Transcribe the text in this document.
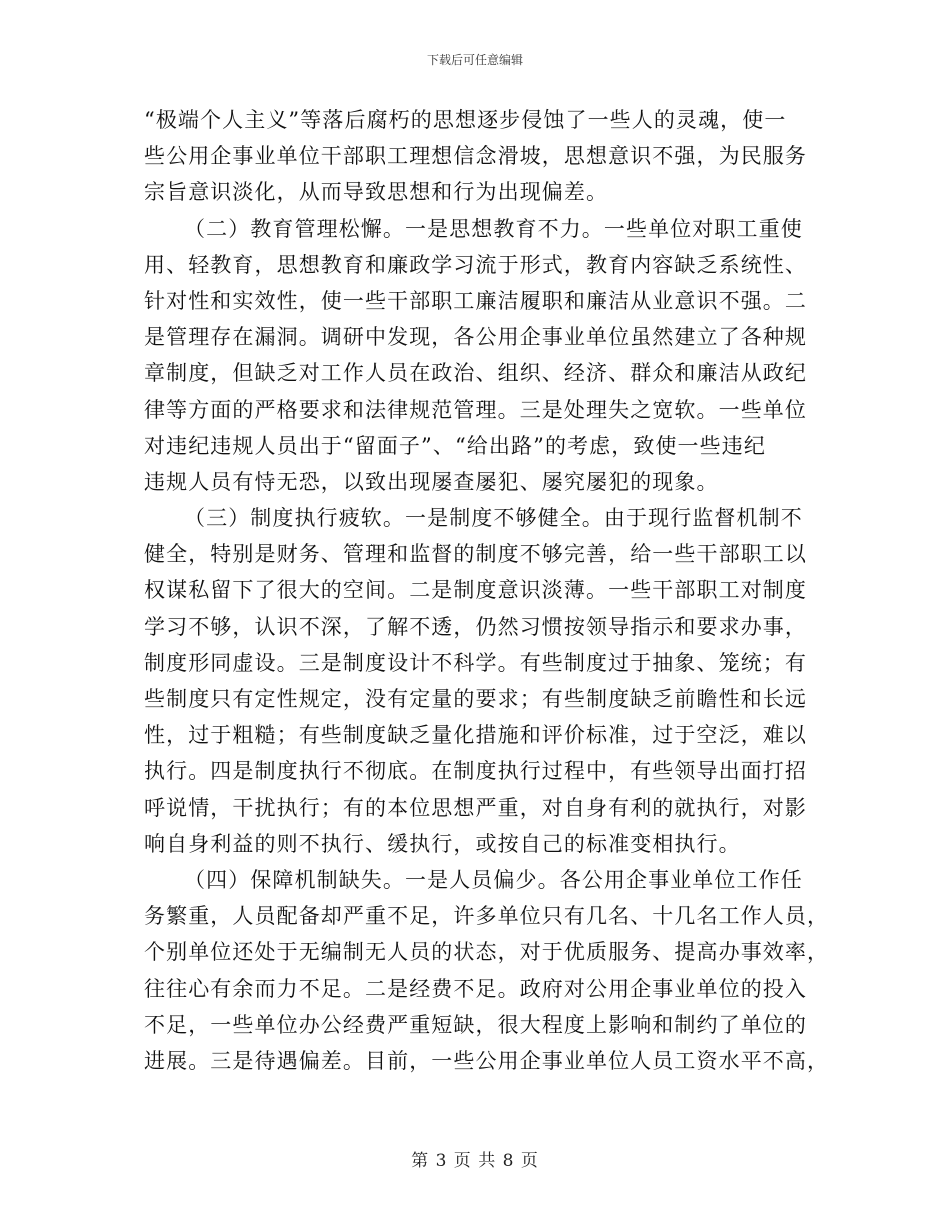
下载后可任意编辑
“极端个人主义”等落后腐朽的思想逐步侵蚀了一些人的灵魂，使一
些公用企事业单位干部职工理想信念滑坡，思想意识不强，为民服务
宗旨意识淡化，从而导致思想和行为出现偏差。
（二）教育管理松懈。一是思想教育不力。一些单位对职工重使
用、轻教育，思想教育和廉政学习流于形式，教育内容缺乏系统性、
针对性和实效性，使一些干部职工廉洁履职和廉洁从业意识不强。二
是管理存在漏洞。调研中发现，各公用企事业单位虽然建立了各种规
章制度，但缺乏对工作人员在政治、组织、经济、群众和廉洁从政纪
律等方面的严格要求和法律规范管理。三是处理失之宽软。一些单位
对违纪违规人员出于“留面子”、“给出路”的考虑，致使一些违纪
违规人员有恃无恐，以致出现屡查屡犯、屡究屡犯的现象。
（三）制度执行疲软。一是制度不够健全。由于现行监督机制不
健全，特别是财务、管理和监督的制度不够完善，给一些干部职工以
权谋私留下了很大的空间。二是制度意识淡薄。一些干部职工对制度
学习不够，认识不深，了解不透，仍然习惯按领导指示和要求办事，
制度形同虚设。三是制度设计不科学。有些制度过于抽象、笼统；有
些制度只有定性规定，没有定量的要求；有些制度缺乏前瞻性和长远
性，过于粗糙；有些制度缺乏量化措施和评价标准，过于空泛，难以
执行。四是制度执行不彻底。在制度执行过程中，有些领导出面打招
呼说情，干扰执行；有的本位思想严重，对自身有利的就执行，对影
响自身利益的则不执行、缓执行，或按自己的标准变相执行。
（四）保障机制缺失。一是人员偏少。各公用企事业单位工作任
务繁重，人员配备却严重不足，许多单位只有几名、十几名工作人员，
个别单位还处于无编制无人员的状态，对于优质服务、提高办事效率，
往往心有余而力不足。二是经费不足。政府对公用企事业单位的投入
不足，一些单位办公经费严重短缺，很大程度上影响和制约了单位的
进展。三是待遇偏差。目前，一些公用企事业单位人员工资水平不高，
第 3 页 共 8 页
